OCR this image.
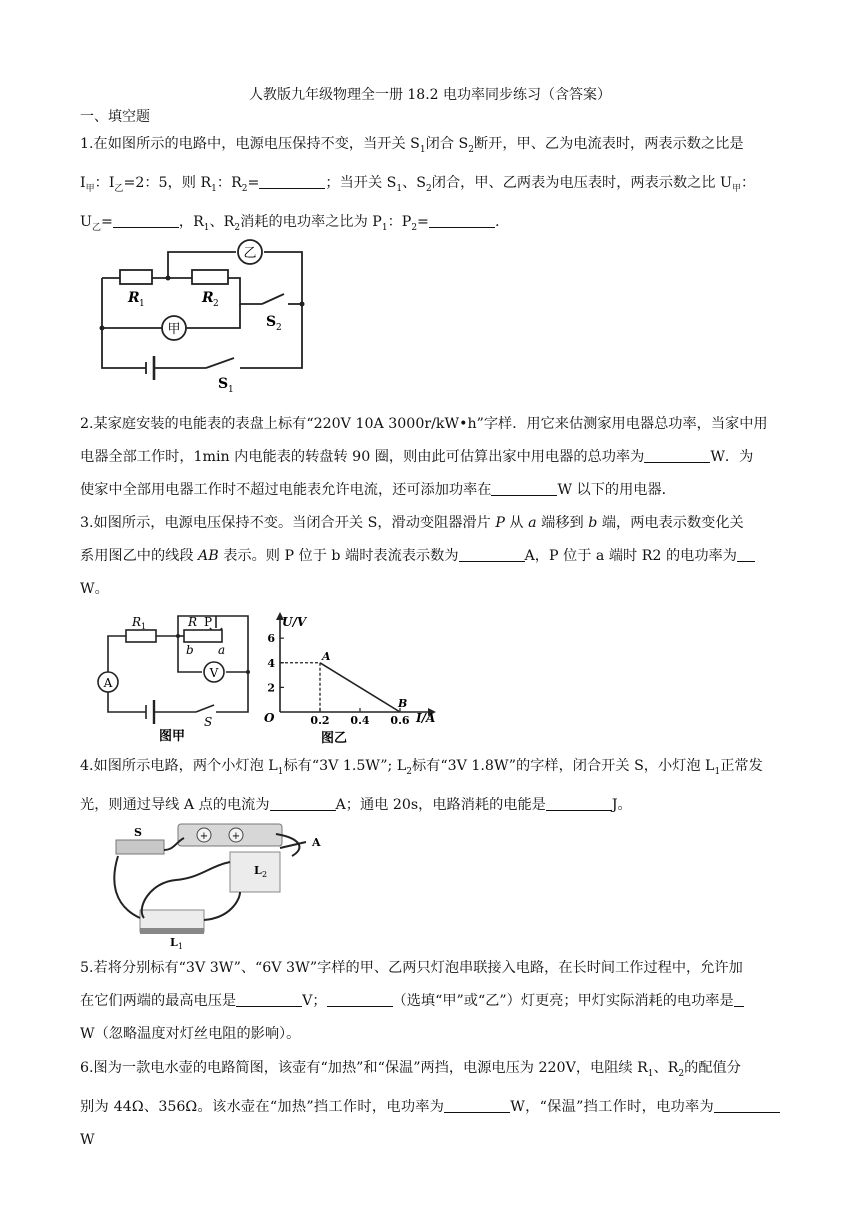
人教版九年级物理全一册 18.2 电功率同步练习（含答案）
一、填空题
1.在如图所示的电路中，电源电压保持不变，当开关 $S_1$闭合 $S_2$断开，甲、乙为电流表时，两表示数之比是
$I_甲$：$I_乙=2$：5，则 $R_1$：$R_2=$	；当开关 $S_1$、$S_2$闭合，甲、乙两表为电压表时，两表示数之比 $U_甲$：
$U_乙=$	，$R_1$、$R_2$消耗的电功率之比为 $P_1$：$P_2=$	.
乙
甲
R 1	R 2
S 2
S 1
2.某家庭安装的电能表的表盘上标有“220V 10A 3000r/kW•h”字样．用它来估测家用电器总功率，当家中用
电器全部工作时，1min 内电能表的转盘转 90 圈，则由此可估算出家中用电器的总功率为	W．为
使家中全部用电器工作时不超过电能表允许电流，还可添加功率在	W 以下的用电器．
3.如图所示，电源电压保持不变。当闭合开关 S，滑动变阻器滑片 P 从 a 端移到 b 端，两电表示数变化关
系用图乙中的线段 AB 表示。则 P 位于 b 端时表流表示数为	A，P 位于 a 端时 R2 的电功率为
W。
A
V
R 1	R P
b a
S
图甲
2
4
6
0.2 0.4 0.6
A
B
U/V
I/A
O
图乙
4.如图所示电路，两个小灯泡 $L_1$标有“3V 1.5W”; $L_2$标有“3V 1.8W”的字样，闭合开关 S，小灯泡 $L_1$正常发
光，则通过导线 A 点的电流为	A；通电 20s，电路消耗的电能是	J。
+ +
S
L 2
L 1
A
5.若将分别标有“3V 3W”、“6V 3W”字样的甲、乙两只灯泡串联接入电路，在长时间工作过程中，允许加
在它们两端的最高电压是	V；	（选填“甲”或“乙”）灯更亮；甲灯实际消耗的电功率是
W（忽略温度对灯丝电阻的影响）。
6.图为一款电水壶的电路简图，该壶有“加热”和“保温”两挡，电源电压为 220V，电阻续 $R_1$、$R_2$的配值分
别为 44Ω、356Ω。该水壶在“加热”挡工作时，电功率为	W，“保温”挡工作时，电功率为W
